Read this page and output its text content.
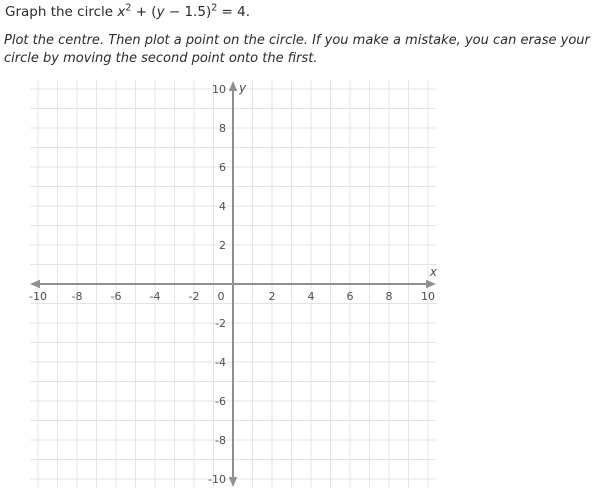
Graph the circle $x^2 + (y - 1.5)^2 = 4$.
Plot the centre. Then plot a point on the circle. If you make a mistake, you can erase your
circle by moving the second point onto the first.
-10 -8	-6	-4	-2	2	4	6	8	10
-10
-8
-6
-4
-2
2
4
6
8
10
0
x
y
